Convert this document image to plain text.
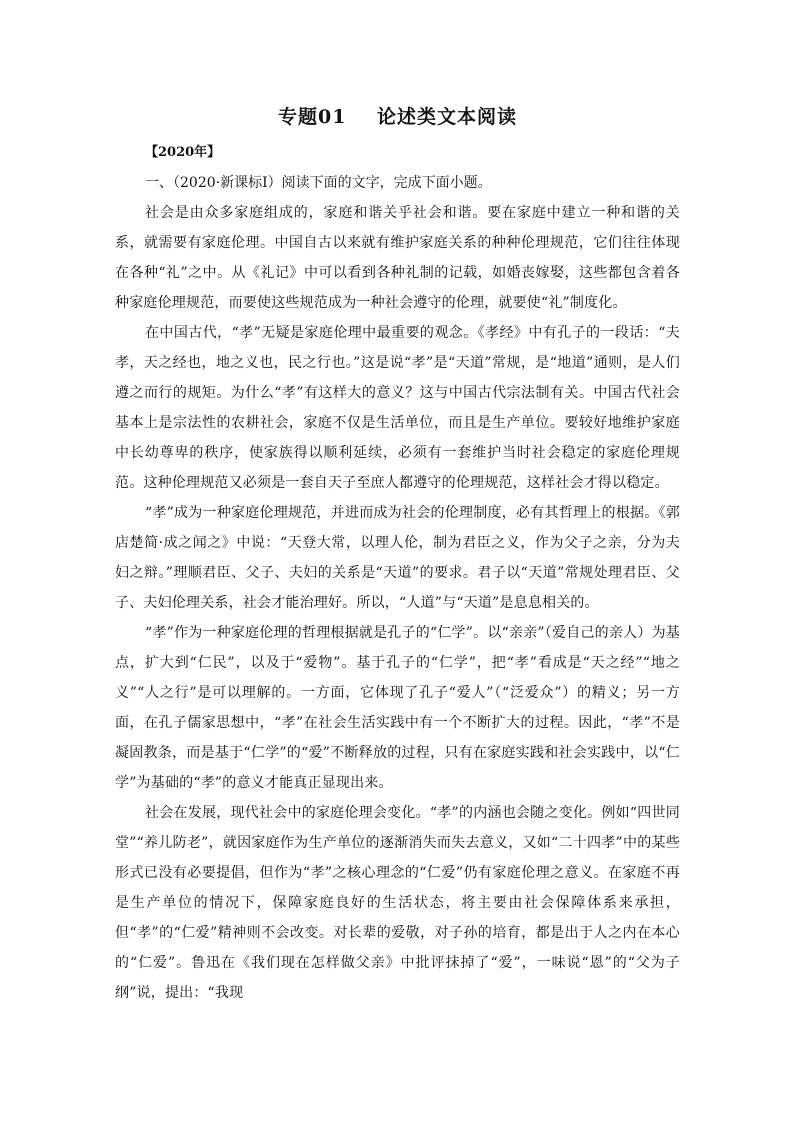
专题01    论述类文本阅读

【2020年】

一、（2020·新课标Ⅰ）阅读下面的文字，完成下面小题。

社会是由众多家庭组成的，家庭和谐关乎社会和谐。要在家庭中建立一种和谐的关系，就需要有家庭伦理。中国自古以来就有维护家庭关系的种种伦理规范，它们往往体现在各种“礼”之中。从《礼记》中可以看到各种礼制的记载，如婚丧嫁娶，这些都包含着各种家庭伦理规范，而要使这些规范成为一种社会遵守的伦理，就要使“礼”制度化。

在中国古代，“孝”无疑是家庭伦理中最重要的观念。《孝经》中有孔子的一段话：“夫孝，天之经也，地之义也，民之行也。”这是说“孝”是“天道”常规，是“地道”通则，是人们遵之而行的规矩。为什么“孝”有这样大的意义？这与中国古代宗法制有关。中国古代社会基本上是宗法性的农耕社会，家庭不仅是生活单位，而且是生产单位。要较好地维护家庭中长幼尊卑的秩序，使家族得以顺利延续，必须有一套维护当时社会稳定的家庭伦理规范。这种伦理规范又必须是一套自天子至庶人都遵守的伦理规范，这样社会才得以稳定。

“孝”成为一种家庭伦理规范，并进而成为社会的伦理制度，必有其哲理上的根据。《郭店楚简·成之闻之》中说：“天登大常，以理人伦，制为君臣之义，作为父子之亲，分为夫妇之辩。”理顺君臣、父子、夫妇的关系是“天道”的要求。君子以“天道”常规处理君臣、父子、夫妇伦理关系，社会才能治理好。所以，“人道”与“天道”是息息相关的。

“孝”作为一种家庭伦理的哲理根据就是孔子的“仁学”。以“亲亲”（爱自己的亲人）为基点，扩大到“仁民”，以及于“爱物”。基于孔子的“仁学”，把“孝”看成是“天之经”“地之义”“人之行”是可以理解的。一方面，它体现了孔子“爱人”（“泛爱众”）的精义；另一方面，在孔子儒家思想中，“孝”在社会生活实践中有一个不断扩大的过程。因此，“孝”不是凝固教条，而是基于“仁学”的“爱”不断释放的过程，只有在家庭实践和社会实践中，以“仁学”为基础的“孝”的意义才能真正显现出来。

社会在发展，现代社会中的家庭伦理会变化。“孝”的内涵也会随之变化。例如“四世同堂”“养儿防老”，就因家庭作为生产单位的逐渐消失而失去意义，又如“二十四孝”中的某些形式已没有必要提倡，但作为“孝”之核心理念的“仁爱”仍有家庭伦理之意义。在家庭不再是生产单位的情况下，保障家庭良好的生活状态，将主要由社会保障体系来承担，但“孝”的“仁爱”精神则不会改变。对长辈的爱敬，对子孙的培育，都是出于人之内在本心的“仁爱”。鲁迅在《我们现在怎样做父亲》中批评抹掉了“爱”，一味说“恩”的“父为子纲”说，提出：“我现
